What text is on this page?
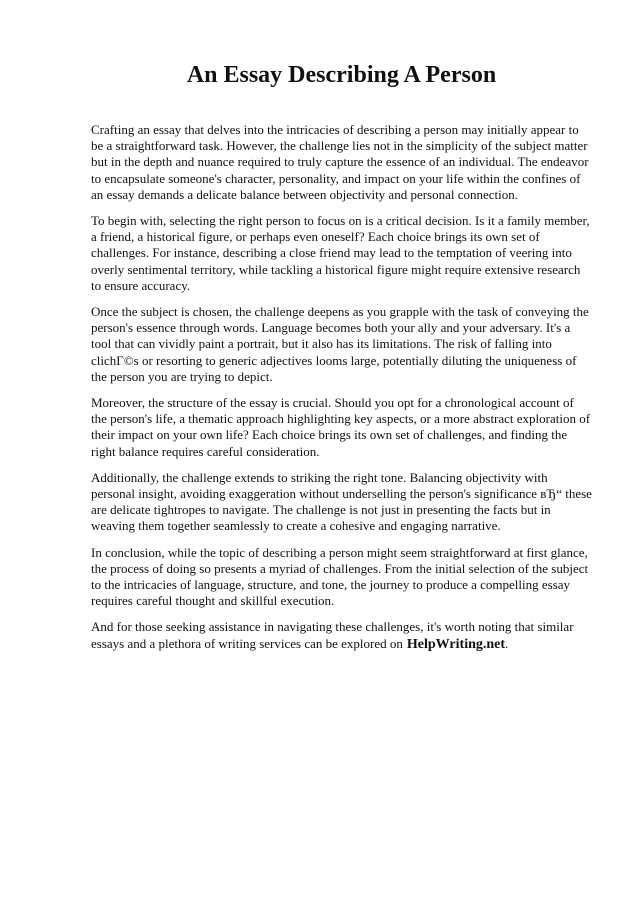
An Essay Describing A Person

Crafting an essay that delves into the intricacies of describing a person may initially appear to be a straightforward task. However, the challenge lies not in the simplicity of the subject matter but in the depth and nuance required to truly capture the essence of an individual. The endeavor to encapsulate someone's character, personality, and impact on your life within the confines of an essay demands a delicate balance between objectivity and personal connection.

To begin with, selecting the right person to focus on is a critical decision. Is it a family member, a friend, a historical figure, or perhaps even oneself? Each choice brings its own set of challenges. For instance, describing a close friend may lead to the temptation of veering into overly sentimental territory, while tackling a historical figure might require extensive research to ensure accuracy.

Once the subject is chosen, the challenge deepens as you grapple with the task of conveying the person's essence through words. Language becomes both your ally and your adversary. It's a tool that can vividly paint a portrait, but it also has its limitations. The risk of falling into clichГ©s or resorting to generic adjectives looms large, potentially diluting the uniqueness of the person you are trying to depict.

Moreover, the structure of the essay is crucial. Should you opt for a chronological account of the person's life, a thematic approach highlighting key aspects, or a more abstract exploration of their impact on your own life? Each choice brings its own set of challenges, and finding the right balance requires careful consideration.

Additionally, the challenge extends to striking the right tone. Balancing objectivity with personal insight, avoiding exaggeration without underselling the person's significance вЂ“ these are delicate tightropes to navigate. The challenge is not just in presenting the facts but in weaving them together seamlessly to create a cohesive and engaging narrative.

In conclusion, while the topic of describing a person might seem straightforward at first glance, the process of doing so presents a myriad of challenges. From the initial selection of the subject to the intricacies of language, structure, and tone, the journey to produce a compelling essay requires careful thought and skillful execution.

And for those seeking assistance in navigating these challenges, it's worth noting that similar essays and a plethora of writing services can be explored on HelpWriting.net.
